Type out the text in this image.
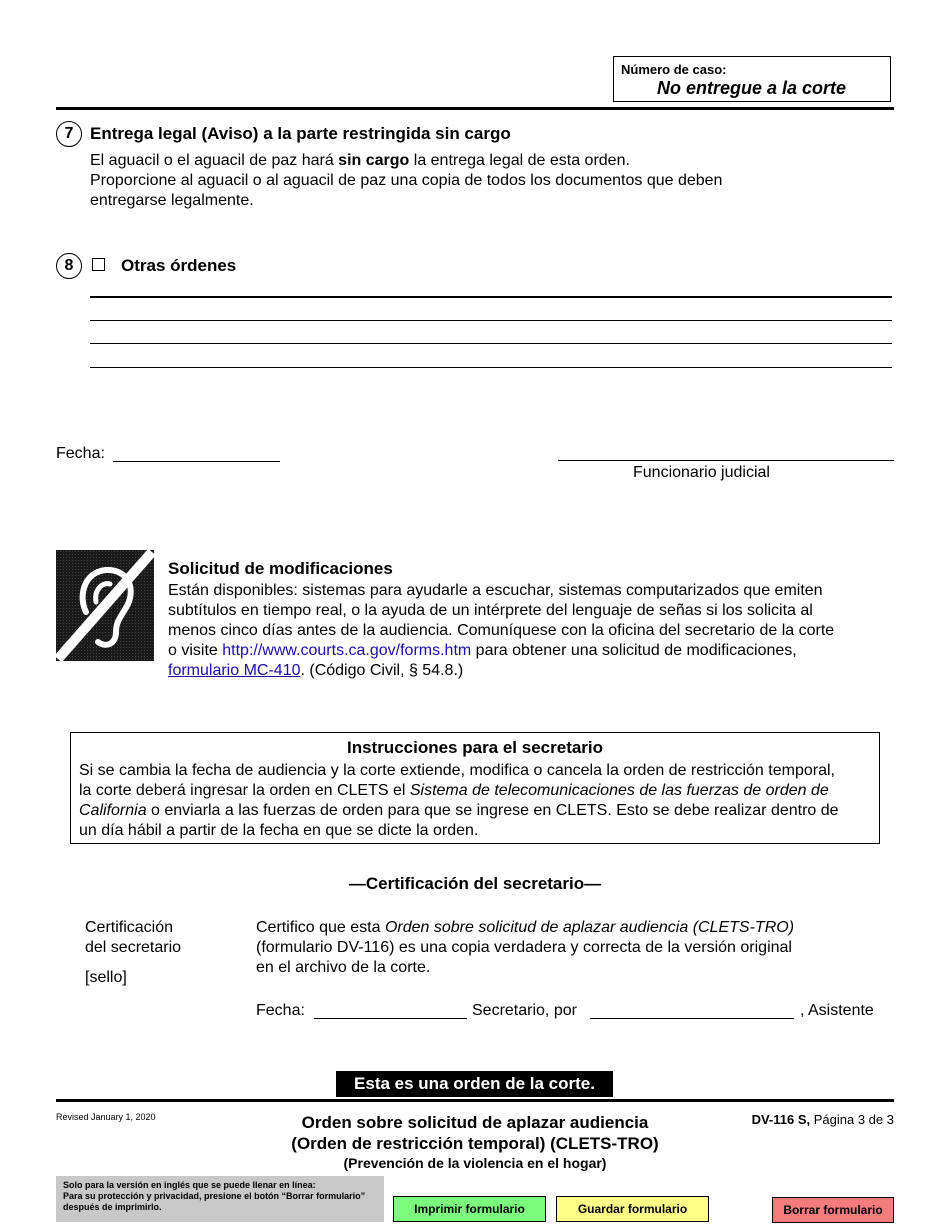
Número de caso:
No entregue a la corte
7 Entrega legal (Aviso) a la parte restringida sin cargo
El aguacil o el aguacil de paz hará sin cargo la entrega legal de esta orden.
Proporcione al aguacil o al aguacil de paz una copia de todos los documentos que deben
entregarse legalmente.
8	Otras órdenes
Fecha:
Funcionario judicial
Solicitud de modificaciones
Están disponibles: sistemas para ayudarle a escuchar, sistemas computarizados que emiten
subtítulos en tiempo real, o la ayuda de un intérprete del lenguaje de señas si los solicita al
menos cinco días antes de la audiencia. Comuníquese con la oficina del secretario de la corte
o visite http://www.courts.ca.gov/forms.htm para obtener una solicitud de modificaciones,
formulario MC-410. (Código Civil, § 54.8.)
Instrucciones para el secretario
Si se cambia la fecha de audiencia y la corte extiende, modifica o cancela la orden de restricción temporal,
la corte deberá ingresar la orden en CLETS el Sistema de telecomunicaciones de las fuerzas de orden de
California o enviarla a las fuerzas de orden para que se ingrese en CLETS. Esto se debe realizar dentro de
un día hábil a partir de la fecha en que se dicte la orden.
—Certificación del secretario—
Certificación
del secretario
[sello]
Certifico que esta Orden sobre solicitud de aplazar audiencia (CLETS-TRO)
(formulario DV-116) es una copia verdadera y correcta de la versión original
en el archivo de la corte.
Fecha:	Secretario, por	, Asistente
Esta es una orden de la corte.
Revised January 1, 2020	Orden sobre solicitud de aplazar audiencia
(Orden de restricción temporal) (CLETS-TRO)
(Prevención de la violencia en el hogar)
DV-116 S, Página 3 de 3
Solo para la versión en inglés que se puede llenar en línea:
Para su protección y privacidad, presione el botón “Borrar formulario”
después de imprimirlo.	Imprimir formulario	Guardar formulario	Borrar formulario
